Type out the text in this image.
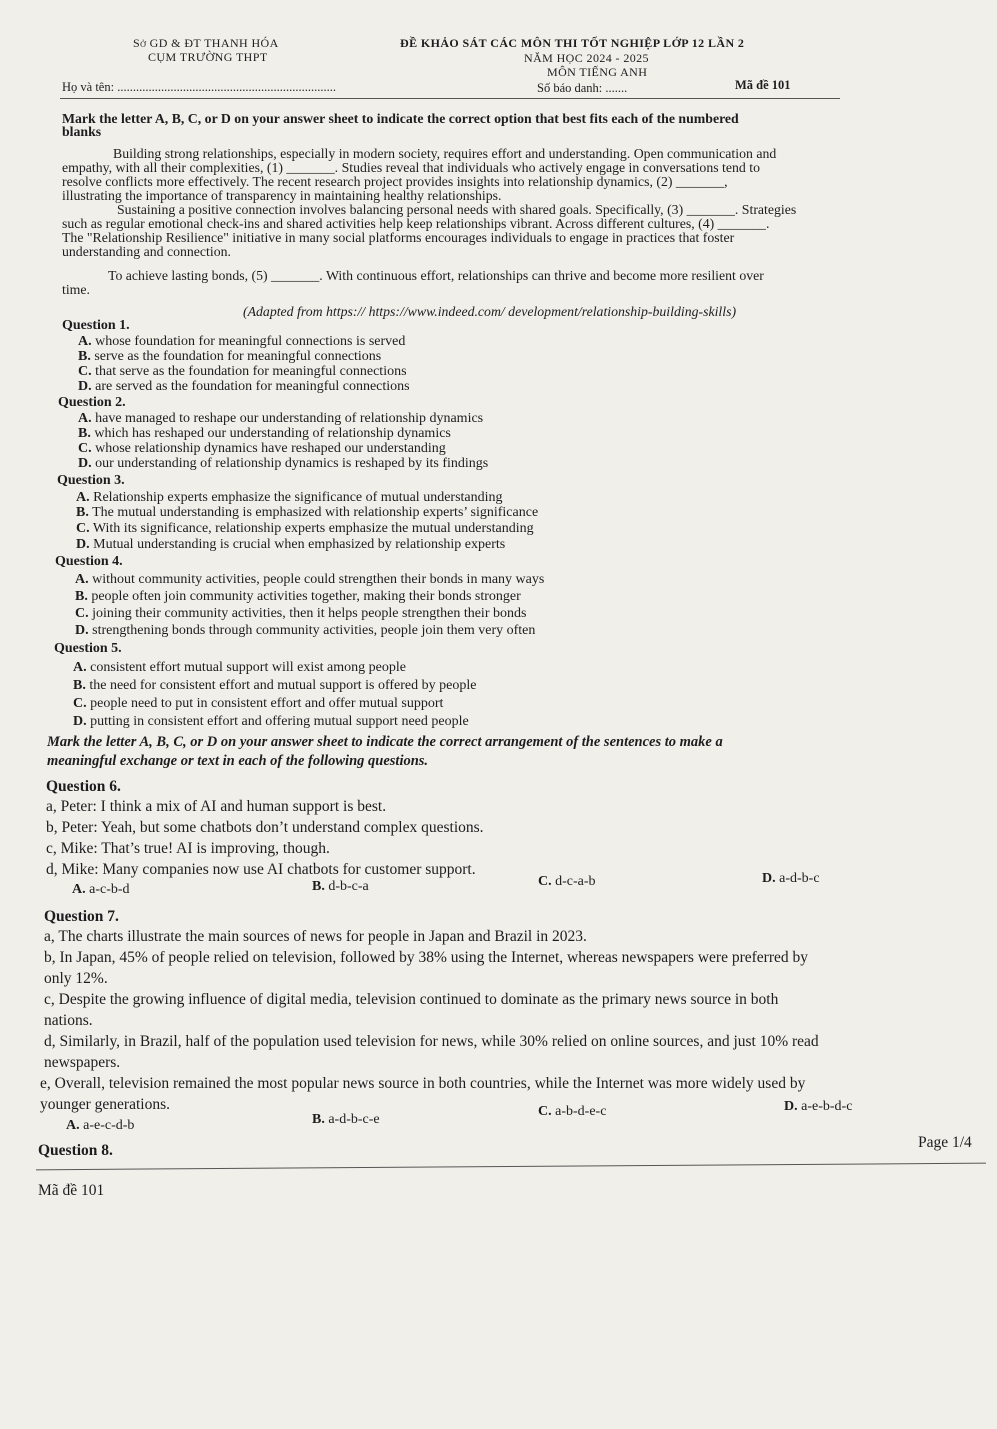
Sở GD & ĐT THANH HÓA
CỤM TRƯỜNG THPT
ĐỀ KHẢO SÁT CÁC MÔN THI TỐT NGHIỆP LỚP 12 LẦN 2
NĂM HỌC 2024 - 2025
MÔN TIẾNG ANH
Họ và tên: ......................................................................	Số báo danh: .......	Mã đề 101
Mark the letter A, B, C, or D on your answer sheet to indicate the correct option that best fits each of the numbered
blanks
Building strong relationships, especially in modern society, requires effort and understanding. Open communication and
empathy, with all their complexities, (1) _______. Studies reveal that individuals who actively engage in conversations tend to
resolve conflicts more effectively. The recent research project provides insights into relationship dynamics, (2) _______,
illustrating the importance of transparency in maintaining healthy relationships.
Sustaining a positive connection involves balancing personal needs with shared goals. Specifically, (3) _______. Strategies
such as regular emotional check-ins and shared activities help keep relationships vibrant. Across different cultures, (4) _______.
The "Relationship Resilience" initiative in many social platforms encourages individuals to engage in practices that foster
understanding and connection.
To achieve lasting bonds, (5) _______. With continuous effort, relationships can thrive and become more resilient over
time.
(Adapted from https:// https://www.indeed.com/ development/relationship-building-skills)
Question 1.
A. whose foundation for meaningful connections is served
B. serve as the foundation for meaningful connections
C. that serve as the foundation for meaningful connections
D. are served as the foundation for meaningful connections
Question 2.
A. have managed to reshape our understanding of relationship dynamics
B. which has reshaped our understanding of relationship dynamics
C. whose relationship dynamics have reshaped our understanding
D. our understanding of relationship dynamics is reshaped by its findings
Question 3.
A. Relationship experts emphasize the significance of mutual understanding
B. The mutual understanding is emphasized with relationship experts’ significance
C. With its significance, relationship experts emphasize the mutual understanding
D. Mutual understanding is crucial when emphasized by relationship experts
Question 4.
A. without community activities, people could strengthen their bonds in many ways
B. people often join community activities together, making their bonds stronger
C. joining their community activities, then it helps people strengthen their bonds
D. strengthening bonds through community activities, people join them very often
Question 5.
A. consistent effort mutual support will exist among people
B. the need for consistent effort and mutual support is offered by people
C. people need to put in consistent effort and offer mutual support
D. putting in consistent effort and offering mutual support need people
Mark the letter A, B, C, or D on your answer sheet to indicate the correct arrangement of the sentences to make a
meaningful exchange or text in each of the following questions.
Question 6.
a, Peter: I think a mix of AI and human support is best.
b, Peter: Yeah, but some chatbots don’t understand complex questions.
c, Mike: That’s true! AI is improving, though.
d, Mike: Many companies now use AI chatbots for customer support.
A. a-c-b-d	B. d-b-c-a	C. d-c-a-b	D. a-d-b-c
Question 7.
a, The charts illustrate the main sources of news for people in Japan and Brazil in 2023.
b, In Japan, 45% of people relied on television, followed by 38% using the Internet, whereas newspapers were preferred by
only 12%.
c, Despite the growing influence of digital media, television continued to dominate as the primary news source in both
nations.
d, Similarly, in Brazil, half of the population used television for news, while 30% relied on online sources, and just 10% read
newspapers.
e, Overall, television remained the most popular news source in both countries, while the Internet was more widely used by
younger generations.
A. a-e-c-d-b	B. a-d-b-c-e
C. a-b-d-e-c	D. a-e-b-d-c
Question 8.	Page 1/4
Mã đề 101
